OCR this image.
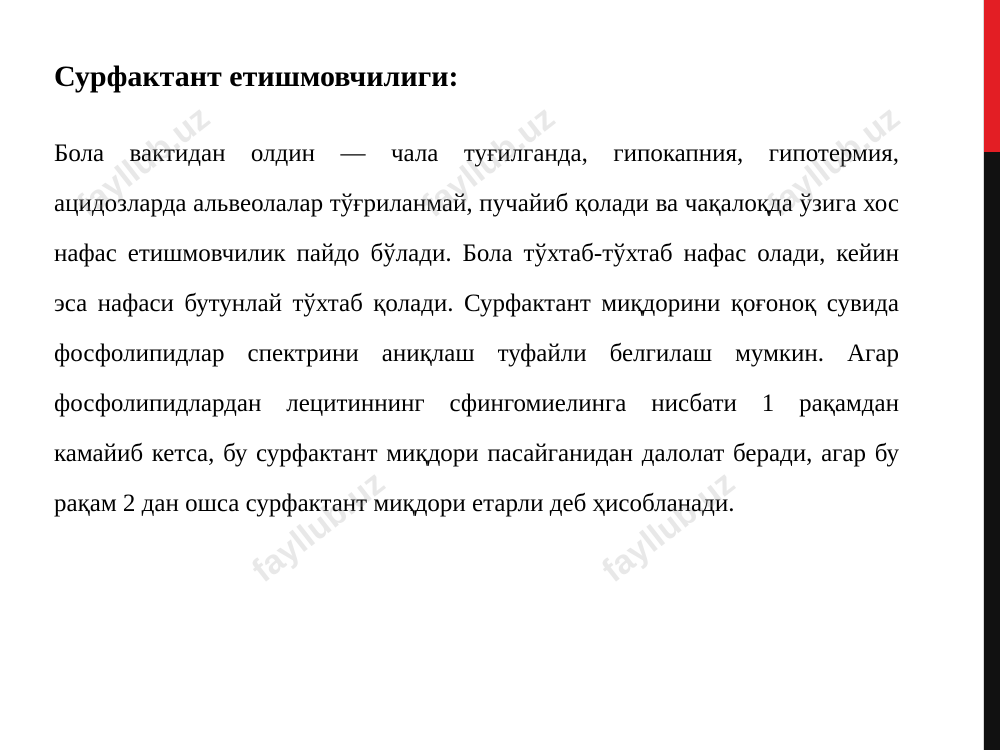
Сурфактант етишмовчилиги:

Бола вактидан олдин — чала туғилганда, гипокапния, гипотермия, ацидозларда альвеолалар тўғриланмай, пучайиб қолади ва чақалоқда ўзига хос нафас етишмовчилик пайдо бўлади. Бола тўхтаб-тўхтаб нафас олади, кейин эса нафаси бутунлай тўхтаб қолади. Сурфактант миқдорини қоғоноқ сувида фосфолипидлар спектрини аниқлаш туфайли белгилаш мумкин. Агар фосфолипидлардан лецитиннинг сфингомиелинга нисбати 1 рақамдан камайиб кетса, бу сурфактант миқдори пасайганидан далолат беради, агар бу рақам 2 дан ошса сурфактант миқдори етарли деб ҳисобланади.

fayllub.uz	fayllub.uz	fayllub.uz
fayllub.uz	fayllub.uz
